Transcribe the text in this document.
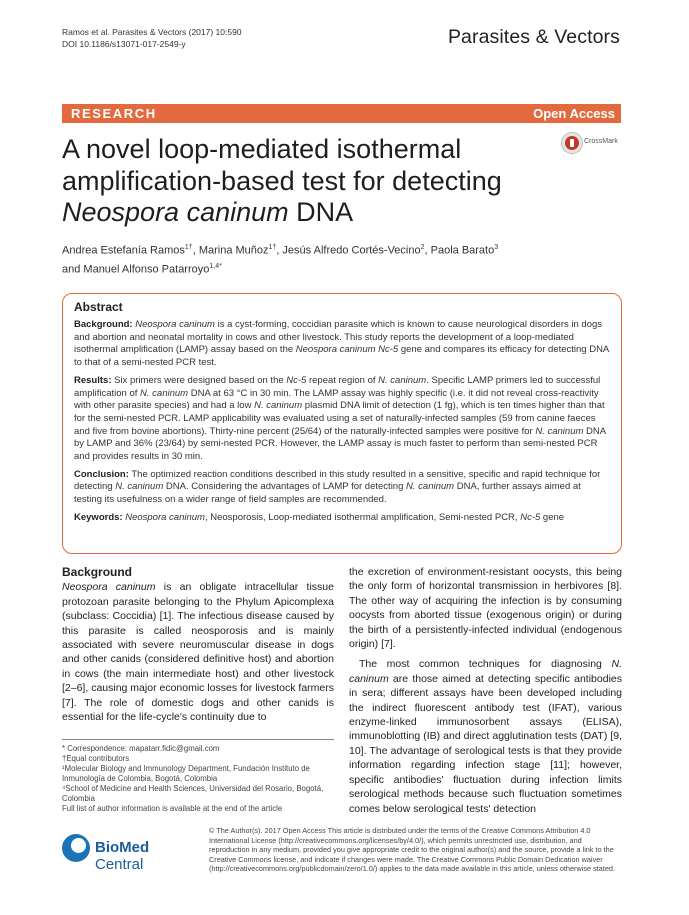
Ramos et al. Parasites & Vectors (2017) 10:590
DOI 10.1186/s13071-017-2549-y	Parasites & Vectors
RESEARCH	Open Access
A novel loop-mediated isothermal
amplification-based test for detecting
Neospora caninum DNA
CrossMark
Andrea Estefanía Ramos$^{1\dagger}$, Marina Muñoz$^{1\dagger}$, Jesús Alfredo Cortés-Vecino$^2$, Paola Barato$^3$
and Manuel Alfonso Patarroyo$^{1,4*}$
Abstract

Background: Neospora caninum is a cyst-forming, coccidian parasite which is known to cause neurological disorders in dogs and abortion and neonatal mortality in cows and other livestock. This study reports the development of a loop-mediated isothermal amplification (LAMP) assay based on the Neospora caninum Nc-5 gene and compares its efficacy for detecting DNA to that of a semi-nested PCR test.

Results: Six primers were designed based on the Nc-5 repeat region of N. caninum. Specific LAMP primers led to successful amplification of N. caninum DNA at 63 °C in 30 min. The LAMP assay was highly specific (i.e. it did not reveal cross-reactivity with other parasite species) and had a low N. caninum plasmid DNA limit of detection (1 fg), which is ten times higher than that for the semi-nested PCR. LAMP applicability was evaluated using a set of naturally-infected samples (59 from canine faeces and five from bovine abortions). Thirty-nine percent (25/64) of the naturally-infected samples were positive for N. caninum DNA by LAMP and 36% (23/64) by semi-nested PCR. However, the LAMP assay is much faster to perform than semi-nested PCR and provides results in 30 min.

Conclusion: The optimized reaction conditions described in this study resulted in a sensitive, specific and rapid technique for detecting N. caninum DNA. Considering the advantages of LAMP for detecting N. caninum DNA, further assays aimed at testing its usefulness on a wider range of field samples are recommended.

Keywords: Neospora caninum, Neosporosis, Loop-mediated isothermal amplification, Semi-nested PCR, Nc-5 gene

Background

Neospora caninum is an obligate intracellular tissue protozoan parasite belonging to the Phylum Apicomplexa (subclass: Coccidia) [1]. The infectious disease caused by this parasite is called neosporosis and is mainly associated with severe neuromuscular disease in dogs and other canids (considered definitive host) and abortion in cows (the main intermediate host) and other livestock [2–6], causing major economic losses for livestock farmers [7]. The role of domestic dogs and other canids is essential for the life-cycle's continuity due to

the excretion of environment-resistant oocysts, this being the only form of horizontal transmission in herbivores [8]. The other way of acquiring the infection is by consuming oocysts from aborted tissue (exogenous origin) or during the birth of a persistently-infected individual (endogenous origin) [7].

The most common techniques for diagnosing N. caninum are those aimed at detecting specific antibodies in sera; different assays have been developed including the indirect fluorescent antibody test (IFAT), various enzyme-linked immunosorbent assays (ELISA), immunoblotting (IB) and direct agglutination tests (DAT) [9, 10]. The advantage of serological tests is that they provide information regarding infection stage [11]; however, specific antibodies' fluctuation during infection limits serological methods because such fluctuation sometimes comes below serological tests' detection

* Correspondence: mapatarr.fidic@gmail.com
†Equal contributors
¹Molecular Biology and Immunology Department, Fundación Instituto de Inmunología de Colombia, Bogotá, Colombia
⁴School of Medicine and Health Sciences, Universidad del Rosario, Bogotá, Colombia
Full list of author information is available at the end of the article
BioMed Central
© The Author(s). 2017 Open Access This article is distributed under the terms of the Creative Commons Attribution 4.0 International License (http://creativecommons.org/licenses/by/4.0/), which permits unrestricted use, distribution, and reproduction in any medium, provided you give appropriate credit to the original author(s) and the source, provide a link to the Creative Commons license, and indicate if changes were made. The Creative Commons Public Domain Dedication waiver (http://creativecommons.org/publicdomain/zero/1.0/) applies to the data made available in this article, unless otherwise stated.
